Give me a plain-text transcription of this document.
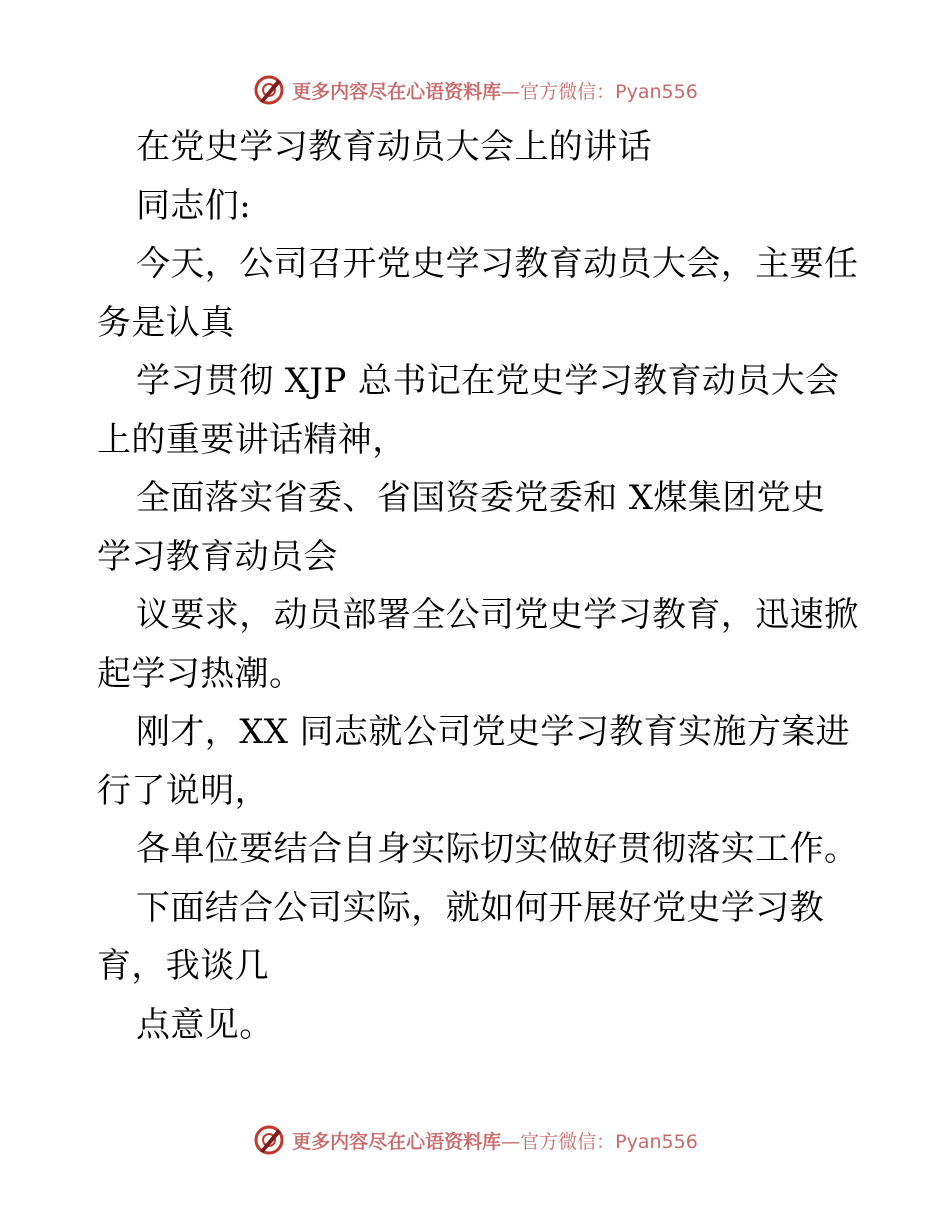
更多内容尽在心语资料库—官方微信：Pyan556
在党史学习教育动员大会上的讲话
同志们:
今天，公司召开党史学习教育动员大会，主要任
务是认真
学习贯彻 XJP 总书记在党史学习教育动员大会
上的重要讲话精神，
全面落实省委、省国资委党委和 X煤集团党史
学习教育动员会
议要求，动员部署全公司党史学习教育，迅速掀
起学习热潮。
刚才，XX 同志就公司党史学习教育实施方案进
行了说明，
各单位要结合自身实际切实做好贯彻落实工作。
下面结合公司实际，就如何开展好党史学习教
育，我谈几
点意见。
更多内容尽在心语资料库—官方微信：Pyan556
